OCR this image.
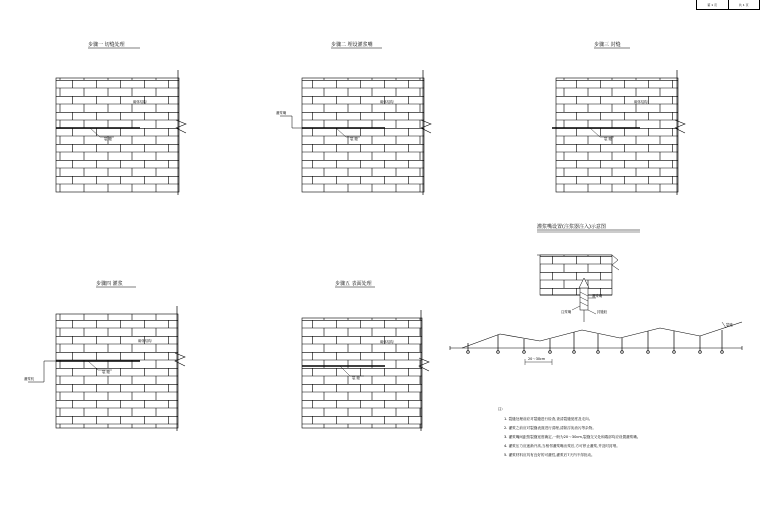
第 1 页	共 1 页
步骤一 切缝处理
裂 缝
砌体结构
步骤二 埋设灌浆嘴
灌浆嘴
裂 缝
砌体结构
步骤三 封缝
裂 缝
砌体结构
步骤四 灌浆
灌浆机
裂 缝
砌体结构
步骤五 表面处理
裂 缝
砌体结构
灌浆嘴设置(注浆器注入)示意图
灌浆嘴
注浆嘴	封缝胶
裂缝
20～30cm
注:
1. 裂缝处理前应对裂缝进行检查,查清裂缝宽度及走向。
2. 灌浆之前应对裂缝表面进行清理,清除浮灰油污等杂物。
3. 灌浆嘴间距按裂缝宽度确定,一般为20～30cm,裂缝交叉处和端部均应设置灌浆嘴。
4. 灌浆压力应逐渐升高,当相邻灌浆嘴出浆后,方可停止灌浆,并及时封堵。
5. 灌浆材料应具有良好的可灌性,灌浆后7天内不得扰动。
